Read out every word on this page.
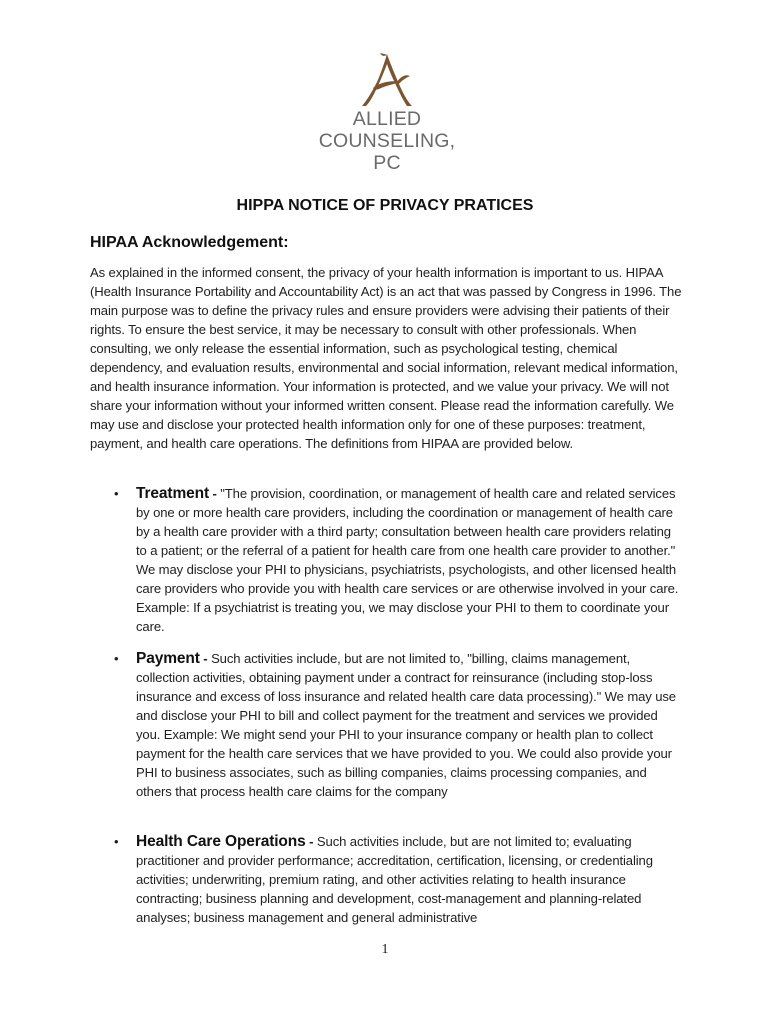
ALLIED
COUNSELING,
PC
HIPPA NOTICE OF PRIVACY PRATICES
HIPAA Acknowledgement:

As explained in the informed consent, the privacy of your health information is important to us. HIPAA (Health Insurance Portability and Accountability Act) is an act that was passed by Congress in 1996. The main purpose was to define the privacy rules and ensure providers were advising their patients of their rights. To ensure the best service, it may be necessary to consult with other professionals. When consulting, we only release the essential information, such as psychological testing, chemical dependency, and evaluation results, environmental and social information, relevant medical information, and health insurance information. Your information is protected, and we value your privacy. We will not share your information without your informed written consent. Please read the information carefully. We may use and disclose your protected health information only for one of these purposes: treatment, payment, and health care operations. The definitions from HIPAA are provided below.

• Treatment - "The provision, coordination, or management of health care and related services by one or more health care providers, including the coordination or management of health care by a health care provider with a third party; consultation between health care providers relating to a patient; or the referral of a patient for health care from one health care provider to another." We may disclose your PHI to physicians, psychiatrists, psychologists, and other licensed health care providers who provide you with health care services or are otherwise involved in your care. Example: If a psychiatrist is treating you, we may disclose your PHI to them to coordinate your care.
• Payment - Such activities include, but are not limited to, "billing, claims management, collection activities, obtaining payment under a contract for reinsurance (including stop-loss insurance and excess of loss insurance and related health care data processing)." We may use and disclose your PHI to bill and collect payment for the treatment and services we provided you. Example: We might send your PHI to your insurance company or health plan to collect payment for the health care services that we have provided to you. We could also provide your PHI to business associates, such as billing companies, claims processing companies, and others that process health care claims for the company
• Health Care Operations - Such activities include, but are not limited to; evaluating practitioner and provider performance; accreditation, certification, licensing, or credentialing activities; underwriting, premium rating, and other activities relating to health insurance contracting; business planning and development, cost-management and planning-related analyses; business management and general administrative
1
